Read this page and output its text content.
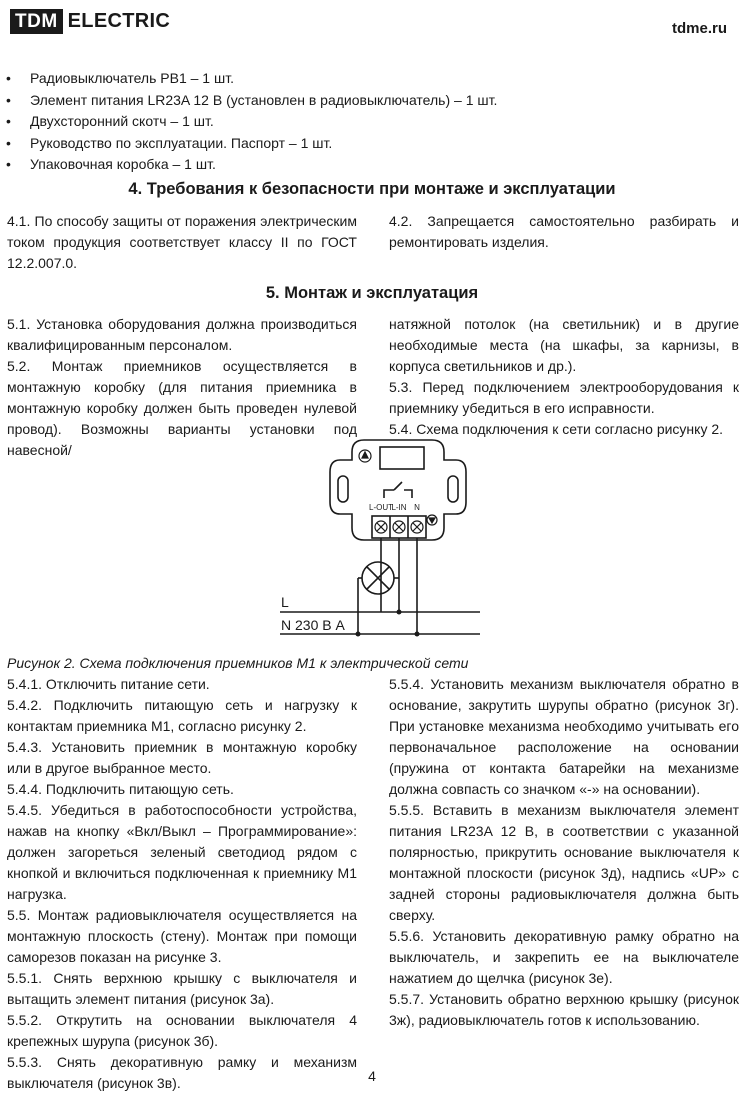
TDM ELECTRIC	tdme.ru
• Радиовыключатель РВ1 – 1 шт.
• Элемент питания LR23A 12 В (установлен в радиовыключатель) – 1 шт.
• Двухсторонний скотч – 1 шт.
• Руководство по эксплуатации. Паспорт – 1 шт.
• Упаковочная коробка – 1 шт.
4. Требования к безопасности при монтаже и эксплуатации

4.1. По способу защиты от поражения электрическим током продукция соответствует классу II по ГОСТ 12.2.007.0.

4.2. Запрещается самостоятельно разбирать и ремонтировать изделия.

5. Монтаж и эксплуатация

5.1. Установка оборудования должна производиться квалифицированным персоналом.

5.2. Монтаж приемников осуществляется в монтажную коробку (для питания приемника в монтажную коробку должен быть проведен нулевой провод). Возможны варианты установки под навесной/

натяжной потолок (на светильник) и в другие необходимые места (на шкафы, за карнизы, в корпуса светильников и др.).

5.3. Перед подключением электрооборудования к приемнику убедиться в его исправности.

5.4. Схема подключения к сети согласно рисунку 2.

L-OUT
L-IN N
L
N 230 В А
Рисунок 2. Схема подключения приемников М1 к электрической сети

5.4.1. Отключить питание сети.

5.4.2. Подключить питающую сеть и нагрузку к контактам приемника М1, согласно рисунку 2.

5.4.3. Установить приемник в монтажную коробку или в другое выбранное место.

5.4.4. Подключить питающую сеть.

5.4.5. Убедиться в работоспособности устройства, нажав на кнопку «Вкл/Выкл – Программирование»: должен загореться зеленый светодиод рядом с кнопкой и включиться подключенная к приемнику М1 нагрузка.

5.5. Монтаж радиовыключателя осуществляется на монтажную плоскость (стену). Монтаж при помощи саморезов показан на рисунке 3.

5.5.1. Снять верхнюю крышку с выключателя и вытащить элемент питания (рисунок 3а).

5.5.2. Открутить на основании выключателя 4 крепежных шурупа (рисунок 3б).

5.5.3. Снять декоративную рамку и механизм выключателя (рисунок 3в).

5.5.4. Установить механизм выключателя обратно в основание, закрутить шурупы обратно (рисунок 3г). При установке механизма необходимо учитывать его первоначальное расположение на основании (пружина от контакта батарейки на механизме должна совпасть со значком «-» на основании).

5.5.5. Вставить в механизм выключателя элемент питания LR23A 12 В, в соответствии с указанной полярностью, прикрутить основание выключателя к монтажной плоскости (рисунок 3д), надпись «UP» с задней стороны радиовыключателя должна быть сверху.

5.5.6. Установить декоративную рамку обратно на выключатель, и закрепить ее на выключателе нажатием до щелчка (рисунок 3е).

5.5.7. Установить обратно верхнюю крышку (рисунок 3ж), радиовыключатель готов к использованию.

4
